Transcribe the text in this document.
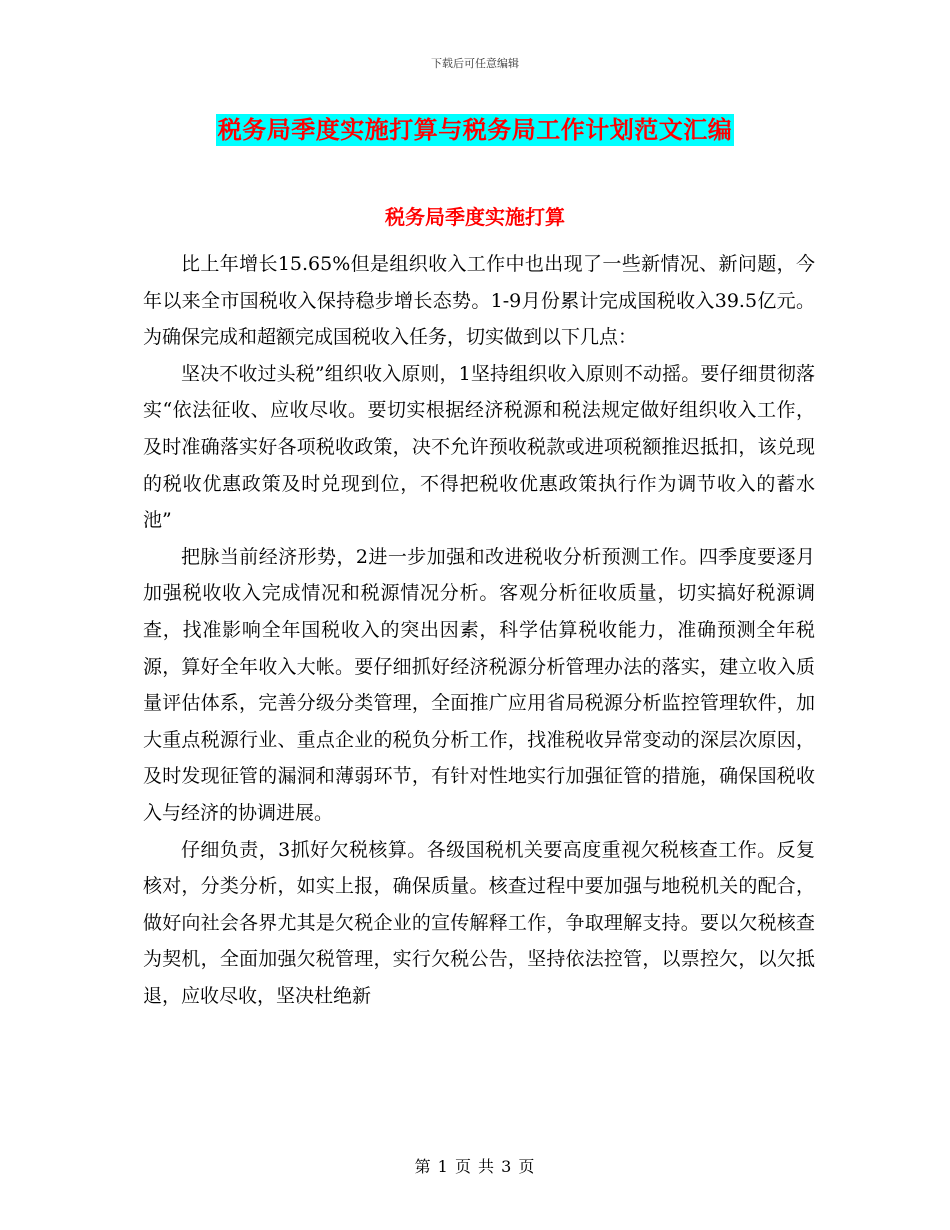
下载后可任意编辑
税务局季度实施打算与税务局工作计划范文汇编
税务局季度实施打算

比上年增长15.65%但是组织收入工作中也出现了一些新情况、新问题，今年以来全市国税收入保持稳步增长态势。1-9月份累计完成国税收入39.5亿元。为确保完成和超额完成国税收入任务，切实做到以下几点：

坚决不收过头税”组织收入原则，1坚持组织收入原则不动摇。要仔细贯彻落实“依法征收、应收尽收。要切实根据经济税源和税法规定做好组织收入工作，及时准确落实好各项税收政策，决不允许预收税款或进项税额推迟抵扣，该兑现的税收优惠政策及时兑现到位，不得把税收优惠政策执行作为调节收入的蓄水池”

把脉当前经济形势，2进一步加强和改进税收分析预测工作。四季度要逐月加强税收收入完成情况和税源情况分析。客观分析征收质量，切实搞好税源调查，找准影响全年国税收入的突出因素，科学估算税收能力，准确预测全年税源，算好全年收入大帐。要仔细抓好经济税源分析管理办法的落实，建立收入质量评估体系，完善分级分类管理，全面推广应用省局税源分析监控管理软件，加大重点税源行业、重点企业的税负分析工作，找准税收异常变动的深层次原因，及时发现征管的漏洞和薄弱环节，有针对性地实行加强征管的措施，确保国税收入与经济的协调进展。

仔细负责，3抓好欠税核算。各级国税机关要高度重视欠税核查工作。反复核对，分类分析，如实上报，确保质量。核查过程中要加强与地税机关的配合，做好向社会各界尤其是欠税企业的宣传解释工作，争取理解支持。要以欠税核查为契机，全面加强欠税管理，实行欠税公告，坚持依法控管，以票控欠，以欠抵退，应收尽收，坚决杜绝新

第 1 页 共 3 页
